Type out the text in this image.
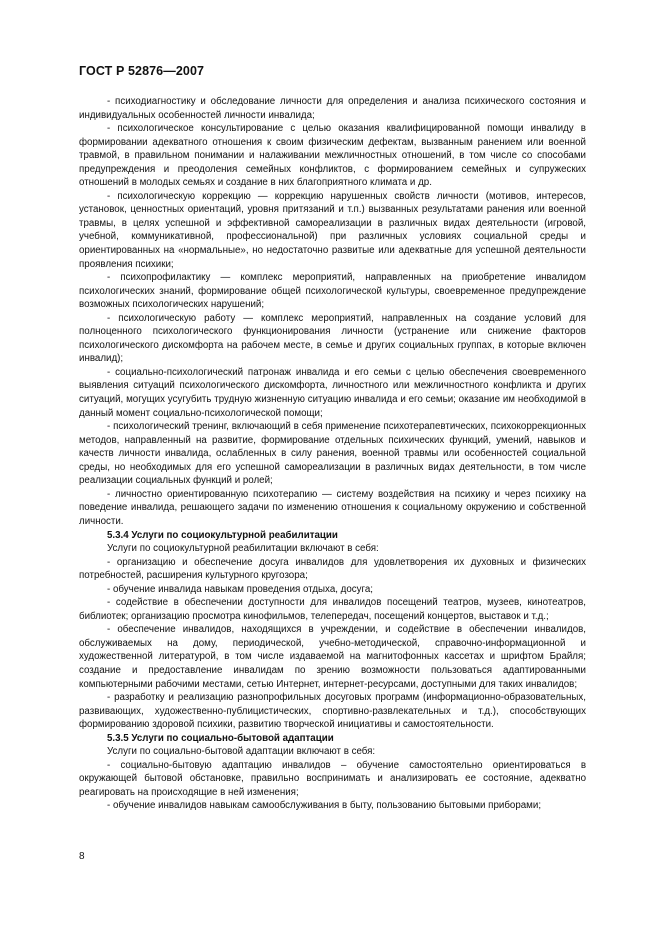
ГОСТ Р 52876—2007

- психодиагностику и обследование личности для определения и анализа психического состояния и индивидуальных особенностей личности инвалида;

- психологическое консультирование с целью оказания квалифицированной помощи инвалиду в формировании адекватного отношения к своим физическим дефектам, вызванным ранением или военной травмой, в правильном понимании и налаживании межличностных отношений, в том числе со способами предупреждения и преодоления семейных конфликтов, с формированием семейных и супружеских отношений в молодых семьях и создание в них благоприятного климата и др.

- психологическую коррекцию — коррекцию нарушенных свойств личности (мотивов, интересов, установок, ценностных ориентаций, уровня притязаний и т.п.) вызванных результатами ранения или военной травмы, в целях успешной и эффективной самореализации в различных видах деятельности (игровой, учебной, коммуникативной, профессиональной) при различных условиях социальной среды и ориентированных на «нормальные», но недостаточно развитые или адекватные для успешной деятельности проявления психики;

- психопрофилактику — комплекс мероприятий, направленных на приобретение инвалидом психологических знаний, формирование общей психологической культуры, своевременное предупреждение возможных психологических нарушений;

- психологическую работу — комплекс мероприятий, направленных на создание условий для полноценного психологического функционирования личности (устранение или снижение факторов психологического дискомфорта на рабочем месте, в семье и других социальных группах, в которые включен инвалид);

- социально-психологический патронаж инвалида и его семьи с целью обеспечения своевременного выявления ситуаций психологического дискомфорта, личностного или межличностного конфликта и других ситуаций, могущих усугубить трудную жизненную ситуацию инвалида и его семьи; оказание им необходимой в данный момент социально-психологической помощи;

- психологический тренинг, включающий в себя применение психотерапевтических, психокоррекционных методов, направленный на развитие, формирование отдельных психических функций, умений, навыков и качеств личности инвалида, ослабленных в силу ранения, военной травмы или особенностей социальной среды, но необходимых для его успешной самореализации в различных видах деятельности, в том числе реализации социальных функций и ролей;

- личностно ориентированную психотерапию — систему воздействия на психику и через психику на поведение инвалида, решающего задачи по изменению отношения к социальному окружению и собственной личности.

5.3.4 Услуги по социокультурной реабилитации

Услуги по социокультурной реабилитации включают в себя:

- организацию и обеспечение досуга инвалидов для удовлетворения их духовных и физических потребностей, расширения культурного кругозора;

- обучение инвалида навыкам проведения отдыха, досуга;

- содействие в обеспечении доступности для инвалидов посещений театров, музеев, кинотеатров, библиотек; организацию просмотра кинофильмов, телепередач, посещений концертов, выставок и т.д.;

- обеспечение инвалидов, находящихся в учреждении, и содействие в обеспечении инвалидов, обслуживаемых на дому, периодической, учебно-методической, справочно-информационной и художественной литературой, в том числе издаваемой на магнитофонных кассетах и шрифтом Брайля; создание и предоставление инвалидам по зрению возможности пользоваться адаптированными компьютерными рабочими местами, сетью Интернет, интернет-ресурсами, доступными для таких инвалидов;

- разработку и реализацию разнопрофильных досуговых программ (информационно-образовательных, развивающих, художественно-публицистических, спортивно-развлекательных и т.д.), способствующих формированию здоровой психики, развитию творческой инициативы и самостоятельности.

5.3.5 Услуги по социально-бытовой адаптации

Услуги по социально-бытовой адаптации включают в себя:

- социально-бытовую адаптацию инвалидов – обучение самостоятельно ориентироваться в окружающей бытовой обстановке, правильно воспринимать и анализировать ее состояние, адекватно реагировать на происходящие в ней изменения;

- обучение инвалидов навыкам самообслуживания в быту, пользованию бытовыми приборами;

8
